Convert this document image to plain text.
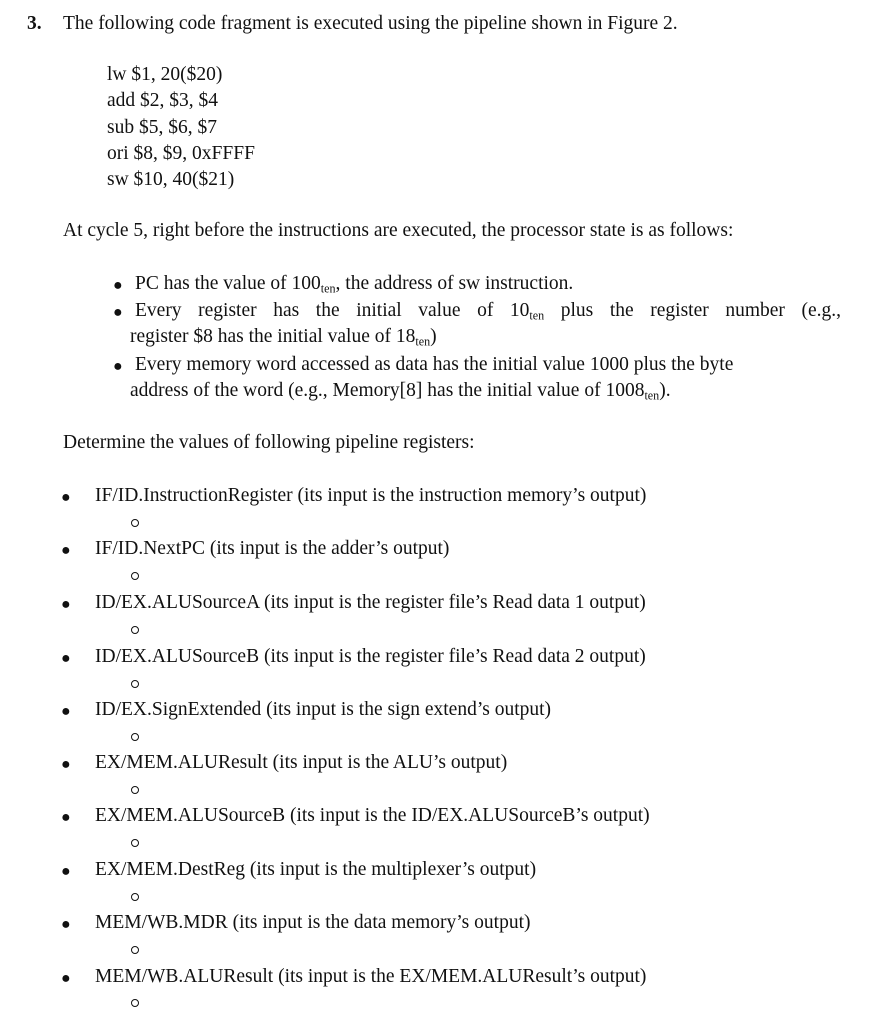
3. The following code fragment is executed using the pipeline shown in Figure 2.
lw $1, 20($20)
add $2, $3, $4
sub $5, $6, $7
ori $8, $9, 0xFFFF
sw $10, 40($21)
At cycle 5, right before the instructions are executed, the processor state is as follows:
● PC has the value of $100_{ten}$, the address of sw instruction.
● Every register has the initial value of $10_{ten}$ plus the register number (e.g.,
register $8 has the initial value of $18_{ten}$)
● Every memory word accessed as data has the initial value 1000 plus the byte
address of the word (e.g., Memory[8] has the initial value of $1008_{ten}$).
Determine the values of following pipeline registers:
● IF/ID.InstructionRegister (its input is the instruction memory’s output)
● IF/ID.NextPC (its input is the adder’s output)
● ID/EX.ALUSourceA (its input is the register file’s Read data 1 output)
● ID/EX.ALUSourceB (its input is the register file’s Read data 2 output)
● ID/EX.SignExtended (its input is the sign extend’s output)
● EX/MEM.ALUResult (its input is the ALU’s output)
● EX/MEM.ALUSourceB (its input is the ID/EX.ALUSourceB’s output)
● EX/MEM.DestReg (its input is the multiplexer’s output)
● MEM/WB.MDR (its input is the data memory’s output)
● MEM/WB.ALUResult (its input is the EX/MEM.ALUResult’s output)
